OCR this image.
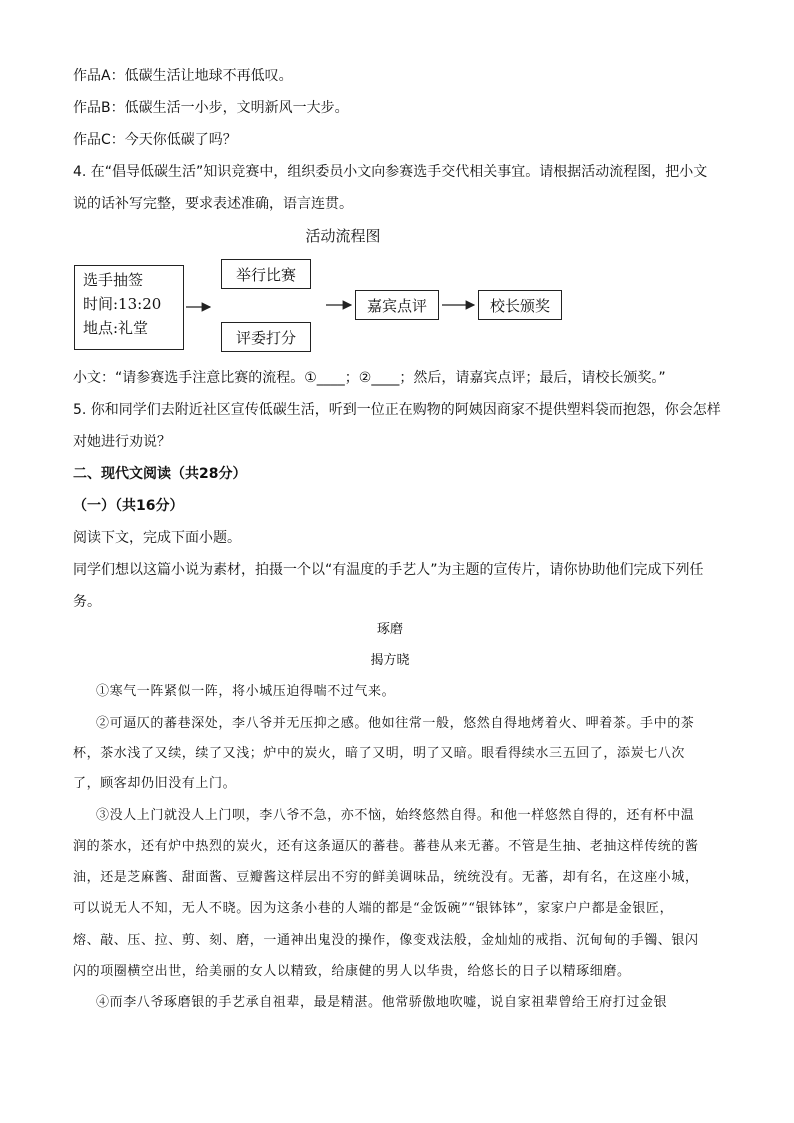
作品A：低碳生活让地球不再低叹。
作品B：低碳生活一小步，文明新风一大步。
作品C：今天你低碳了吗？
4. 在“倡导低碳生活”知识竞赛中，组织委员小文向参赛选手交代相关事宜。请根据活动流程图，把小文
说的话补写完整，要求表述准确，语言连贯。
活动流程图
选手抽签
时间:13:20
地点:礼堂
举行比赛
评委打分
嘉宾点评	校长颁奖
小文：“请参赛选手注意比赛的流程。①____；②____；然后，请嘉宾点评；最后，请校长颁奖。”
5. 你和同学们去附近社区宣传低碳生活，听到一位正在购物的阿姨因商家不提供塑料袋而抱怨，你会怎样
对她进行劝说？
二、现代文阅读（共28分）
（一）（共16分）
阅读下文，完成下面小题。
同学们想以这篇小说为素材，拍摄一个以“有温度的手艺人”为主题的宣传片，请你协助他们完成下列任
务。
琢磨
揭方晓
①寒气一阵紧似一阵，将小城压迫得喘不过气来。
②可逼仄的蕃巷深处，李八爷并无压抑之感。他如往常一般，悠然自得地烤着火、呷着茶。手中的茶
杯，茶水浅了又续，续了又浅；炉中的炭火，暗了又明，明了又暗。眼看得续水三五回了，添炭七八次
了，顾客却仍旧没有上门。
③没人上门就没人上门呗，李八爷不急，亦不恼，始终悠然自得。和他一样悠然自得的，还有杯中温
润的茶水，还有炉中热烈的炭火，还有这条逼仄的蕃巷。蕃巷从来无蕃。不管是生抽、老抽这样传统的酱
油，还是芝麻酱、甜面酱、豆瓣酱这样层出不穷的鲜美调味品，统统没有。无蕃，却有名，在这座小城，
可以说无人不知，无人不晓。因为这条小巷的人端的都是“金饭碗”“银钵钵”，家家户户都是金银匠，
熔、敲、压、拉、剪、刻、磨，一通神出鬼没的操作，像变戏法般，金灿灿的戒指、沉甸甸的手镯、银闪
闪的项圈横空出世，给美丽的女人以精致，给康健的男人以华贵，给悠长的日子以精琢细磨。
④而李八爷琢磨银的手艺承自祖辈，最是精湛。他常骄傲地吹嘘，说自家祖辈曾给王府打过金银
